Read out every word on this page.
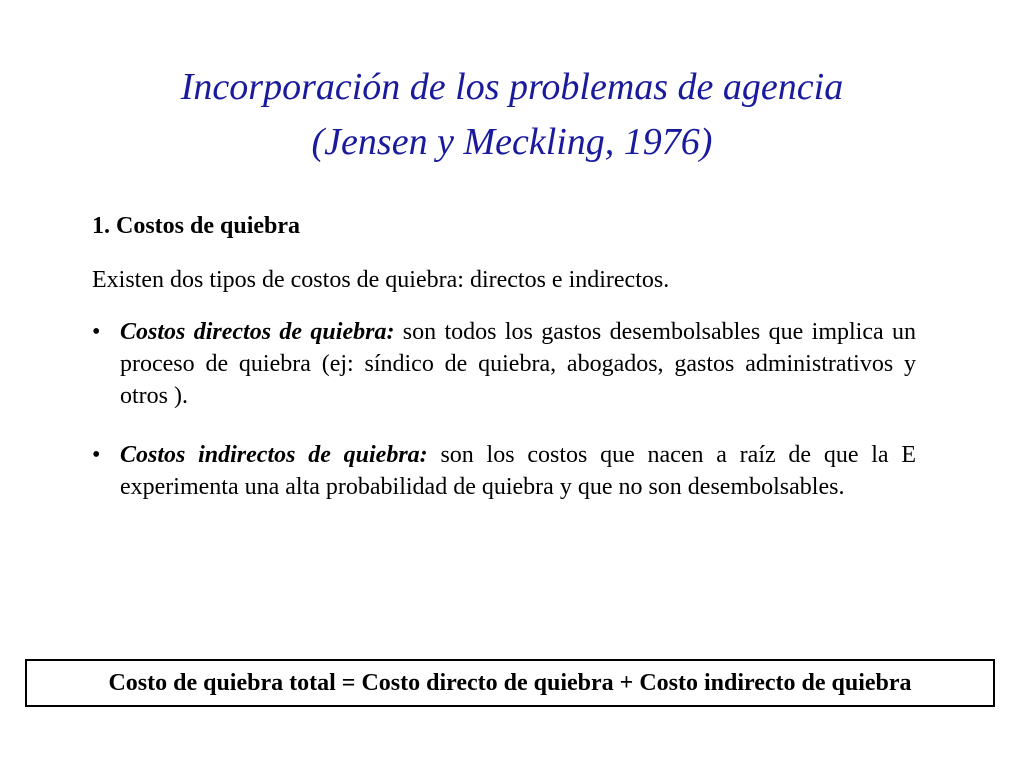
Incorporación de los problemas de agencia
(Jensen y Meckling, 1976)

1. Costos de quiebra

Existen dos tipos de costos de quiebra: directos e indirectos.

• Costos directos de quiebra: son todos los gastos desembolsables que implica un proceso de quiebra (ej: síndico de quiebra, abogados, gastos administrativos y otros ).
• Costos indirectos de quiebra: son los costos que nacen a raíz de que la E experimenta una alta probabilidad de quiebra y que no son desembolsables.
Costo de quiebra total = Costo directo de quiebra + Costo indirecto de quiebra
